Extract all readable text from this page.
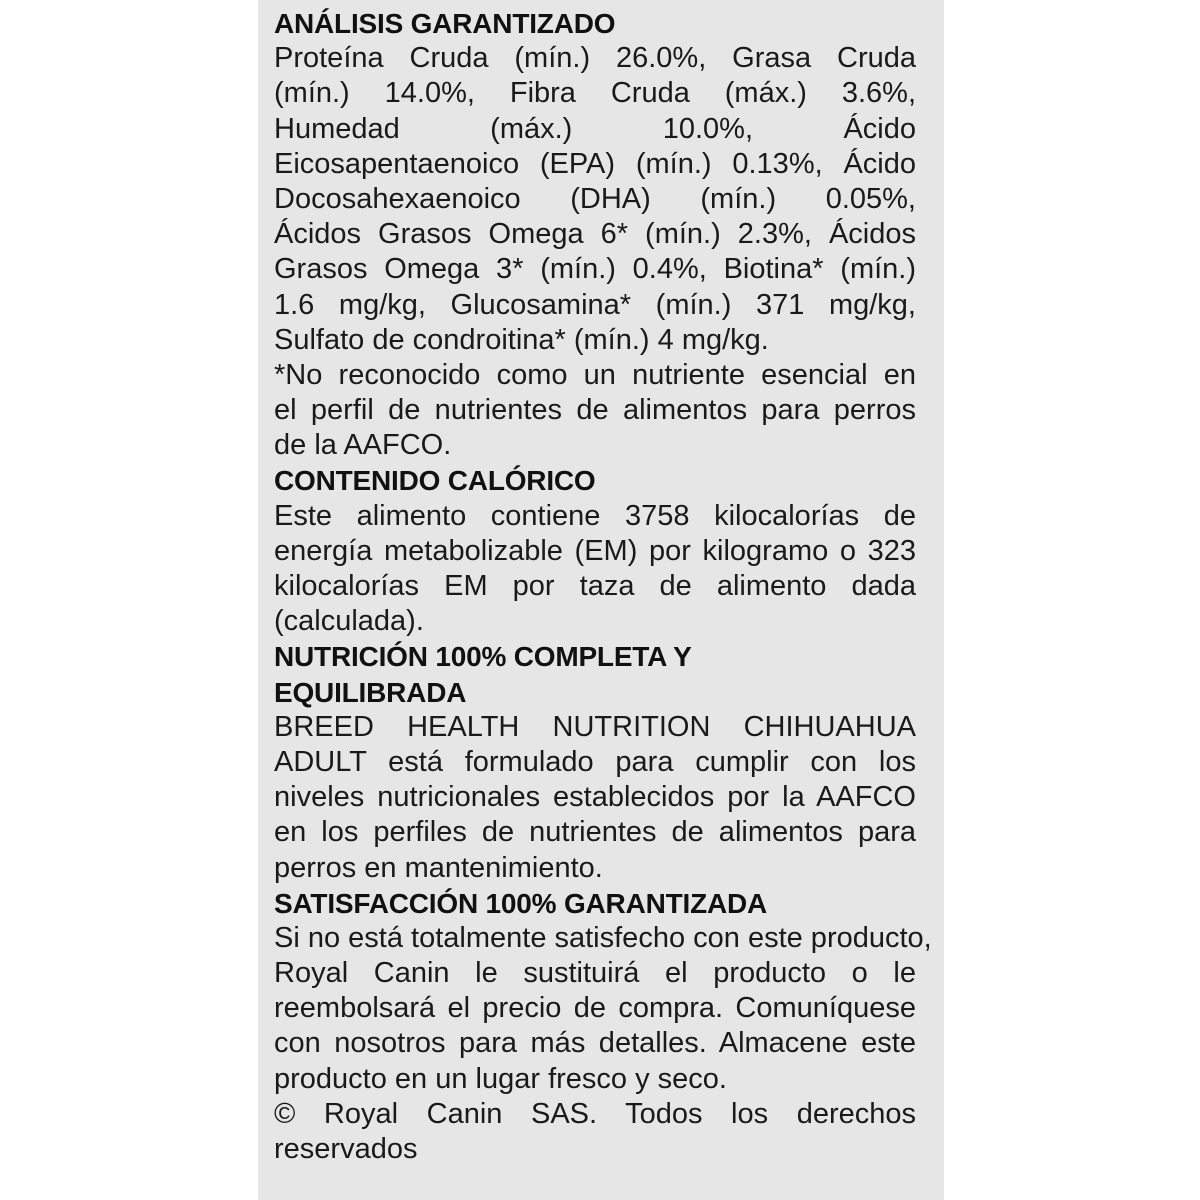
ANÁLISIS GARANTIZADO
Proteína Cruda (mín.) 26.0%, Grasa Cruda
(mín.) 14.0%, Fibra Cruda (máx.) 3.6%,
Humedad (máx.) 10.0%, Ácido
Eicosapentaenoico (EPA) (mín.) 0.13%, Ácido
Docosahexaenoico (DHA) (mín.) 0.05%,
Ácidos Grasos Omega 6* (mín.) 2.3%, Ácidos
Grasos Omega 3* (mín.) 0.4%, Biotina* (mín.)
1.6 mg/kg, Glucosamina* (mín.) 371 mg/kg,
Sulfato de condroitina* (mín.) 4 mg/kg.
*No reconocido como un nutriente esencial en
el perfil de nutrientes de alimentos para perros
de la AAFCO.
CONTENIDO CALÓRICO
Este alimento contiene 3758 kilocalorías de
energía metabolizable (EM) por kilogramo o 323
kilocalorías EM por taza de alimento dada
(calculada).
NUTRICIÓN 100% COMPLETA Y
EQUILIBRADA
BREED HEALTH NUTRITION CHIHUAHUA
ADULT está formulado para cumplir con los
niveles nutricionales establecidos por la AAFCO
en los perfiles de nutrientes de alimentos para
perros en mantenimiento.
SATISFACCIÓN 100% GARANTIZADA
Si no está totalmente satisfecho con este producto,
Royal Canin le sustituirá el producto o le
reembolsará el precio de compra. Comuníquese
con nosotros para más detalles. Almacene este
producto en un lugar fresco y seco.
© Royal Canin SAS. Todos los derechos
reservados
